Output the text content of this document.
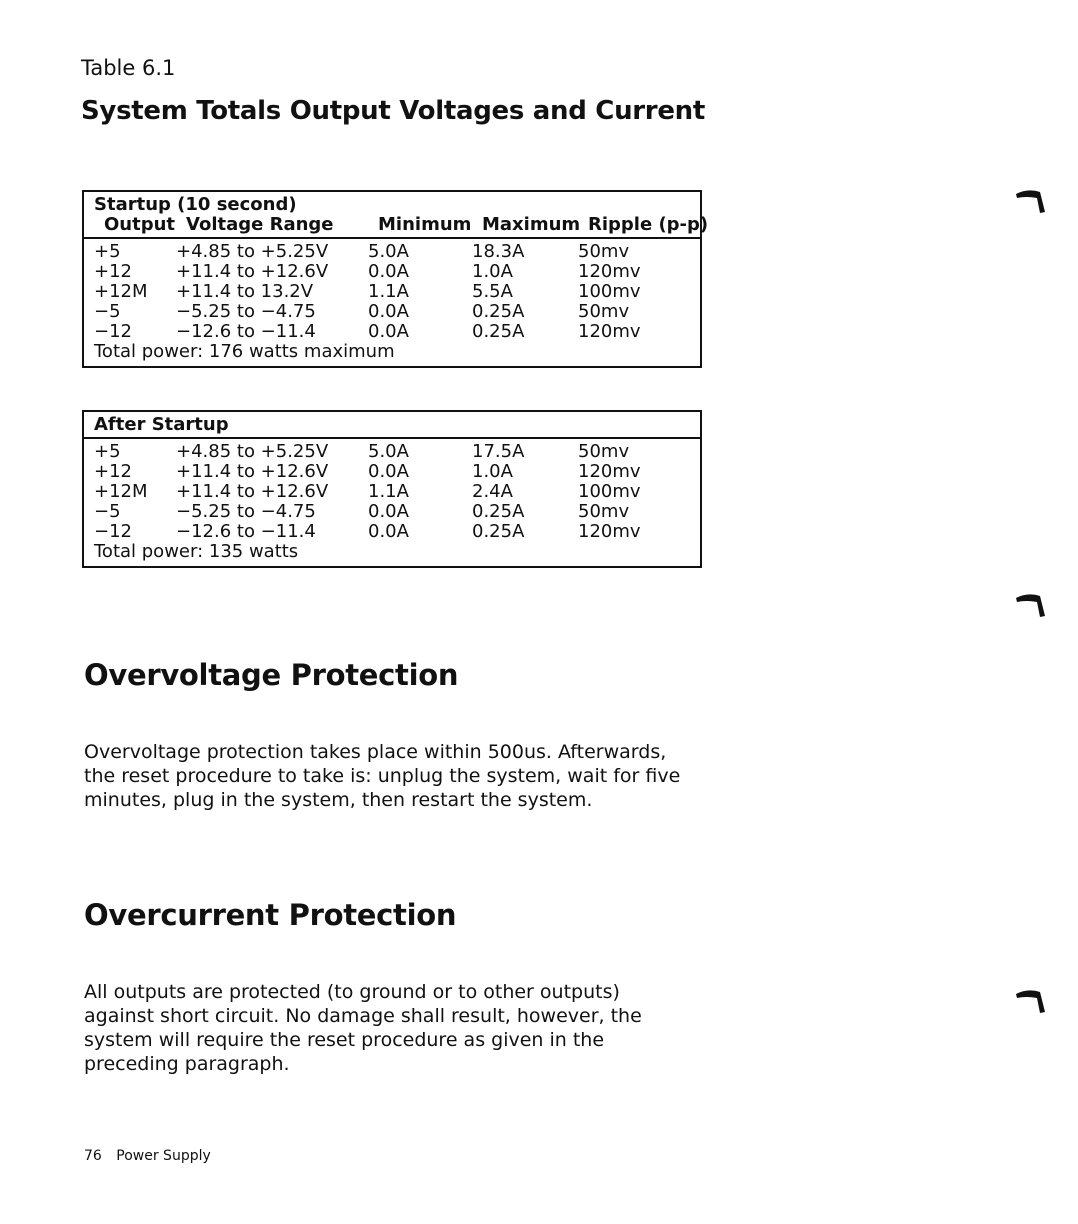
Table 6.1
System Totals Output Voltages and Current
Startup (10 second)
Output Voltage Range Minimum Maximum Ripple (p-p)
+5	+4.85 to +5.25V 5.0A	18.3A	50mv
+12 +11.4 to +12.6V 0.0A	1.0A	120mv
+12M +11.4 to 13.2V	1.1A	5.5A	100mv
−5	−5.25 to −4.75	0.0A	0.25A	50mv
−12 −12.6 to −11.4	0.0A	0.25A	120mv
Total power: 176 watts maximum
After Startup
+5	+4.85 to +5.25V 5.0A	17.5A	50mv
+12 +11.4 to +12.6V 0.0A	1.0A	120mv
+12M +11.4 to +12.6V 1.1A	2.4A	100mv
−5	−5.25 to −4.75	0.0A	0.25A	50mv
−12 −12.6 to −11.4	0.0A	0.25A	120mv
Total power: 135 watts
Overvoltage Protection
Overvoltage protection takes place within 500us. Afterwards, the reset procedure to take is: unplug the system, wait for five minutes, plug in the system, then restart the system.
Overcurrent Protection
All outputs are protected (to ground or to other outputs) against short circuit. No damage shall result, however, the system will require the reset procedure as given in the preceding paragraph.
76 Power Supply
